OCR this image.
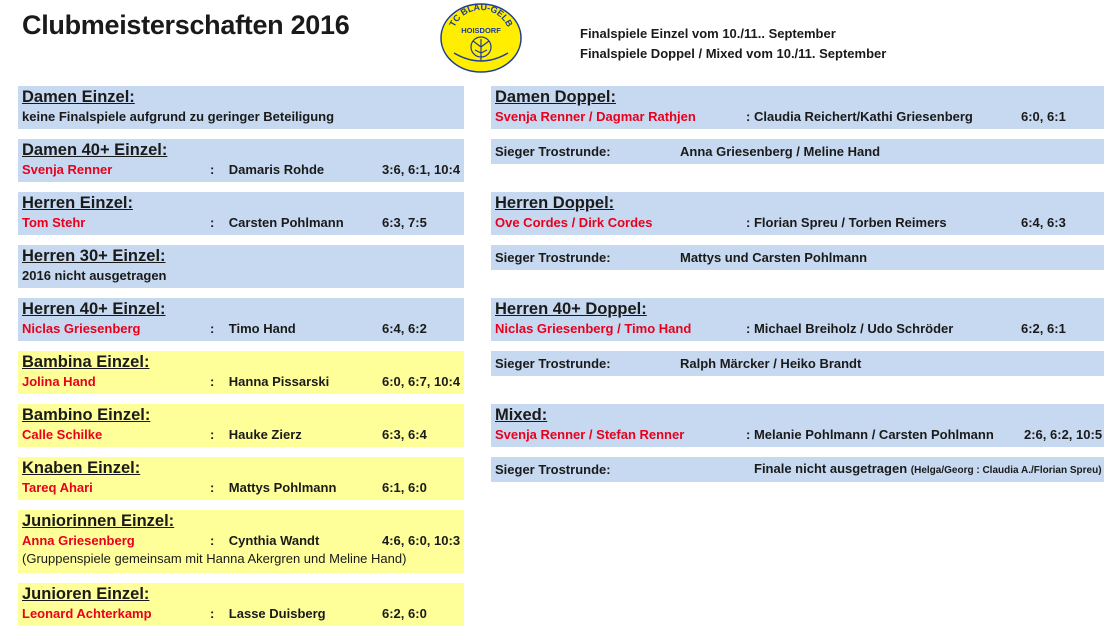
Clubmeisterschaften 2016	TC BLAU-GELB
HOISDORF	Finalspiele Einzel vom 10./11.. September
Finalspiele Doppel / Mixed vom 10./11. September
Damen Einzel:
keine Finalspiele aufgrund zu geringer Beteiligung
Damen 40+ Einzel:
Svenja Renner	: Damaris Rohde	3:6, 6:1, 10:4
Herren Einzel:
Tom Stehr	: Carsten Pohlmann	6:3, 7:5
Herren 30+ Einzel:
2016 nicht ausgetragen
Herren 40+ Einzel:
Niclas Griesenberg	: Timo Hand	6:4, 6:2
Bambina Einzel:
Jolina Hand	: Hanna Pissarski	6:0, 6:7, 10:4
Bambino Einzel:
Calle Schilke	: Hauke Zierz	6:3, 6:4
Knaben Einzel:
Tareq Ahari	: Mattys Pohlmann	6:1, 6:0
Juniorinnen Einzel:
Anna Griesenberg	: Cynthia Wandt	4:6, 6:0, 10:3
(Gruppenspiele gemeinsam mit Hanna Akergren und Meline Hand)
Junioren Einzel:
Leonard Achterkamp	: Lasse Duisberg	6:2, 6:0
Damen Doppel:
Svenja Renner / Dagmar Rathjen	: Claudia Reichert/Kathi Griesenberg	6:0, 6:1
Sieger Trostrunde:	Anna Griesenberg / Meline Hand
Herren Doppel:
Ove Cordes / Dirk Cordes	: Florian Spreu / Torben Reimers	6:4, 6:3
Sieger Trostrunde:	Mattys und Carsten Pohlmann
Herren 40+ Doppel:
Niclas Griesenberg / Timo Hand	: Michael Breiholz / Udo Schröder	6:2, 6:1
Sieger Trostrunde:	Ralph Märcker / Heiko Brandt
Mixed:
Svenja Renner / Stefan Renner	: Melanie Pohlmann / Carsten Pohlmann 2:6, 6:2, 10:5
Sieger Trostrunde:	Finale nicht ausgetragen (Helga/Georg : Claudia A./Florian Spreu)
